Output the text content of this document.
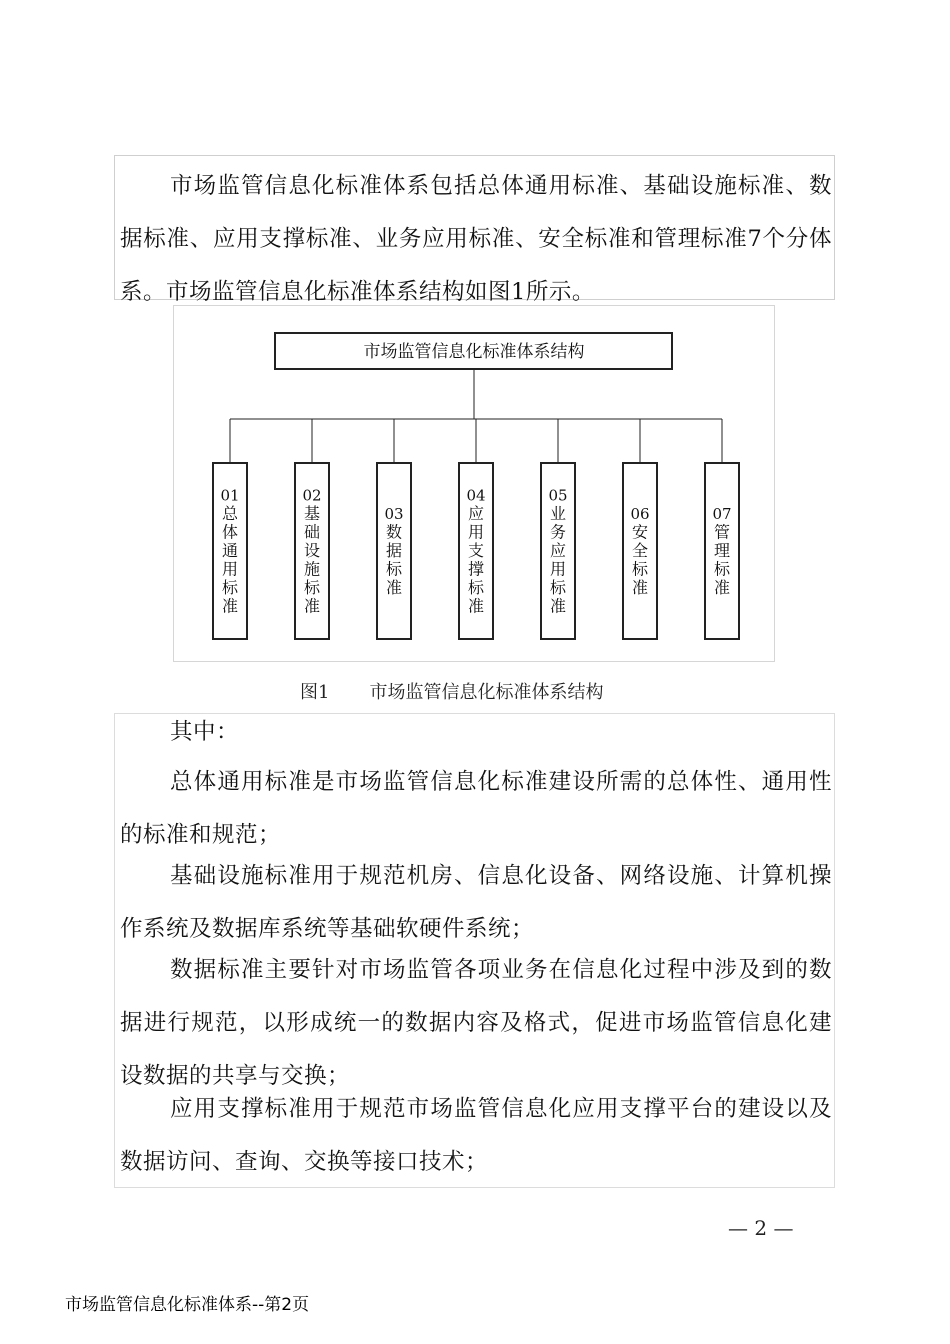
市场监管信息化标准体系包括总体通用标准、基础设施标准、数据标准、应用支撑标准、业务应用标准、安全标准和管理标准7个分体系。市场监管信息化标准体系结构如图1所示。

市场监管信息化标准体系结构
01
总体通用标准
02
基础设施标准
03
数据标准
04
应用支撑标准
05
业务应用标准
06
安全标准
07
管理标准
图1 市场监管信息化标准体系结构

其中：

总体通用标准是市场监管信息化标准建设所需的总体性、通用性的标准和规范；

基础设施标准用于规范机房、信息化设备、网络设施、计算机操作系统及数据库系统等基础软硬件系统；

数据标准主要针对市场监管各项业务在信息化过程中涉及到的数据进行规范，以形成统一的数据内容及格式，促进市场监管信息化建设数据的共享与交换；

应用支撑标准用于规范市场监管信息化应用支撑平台的建设以及数据访问、查询、交换等接口技术；

— 2 —
市场监管信息化标准体系--第2页
